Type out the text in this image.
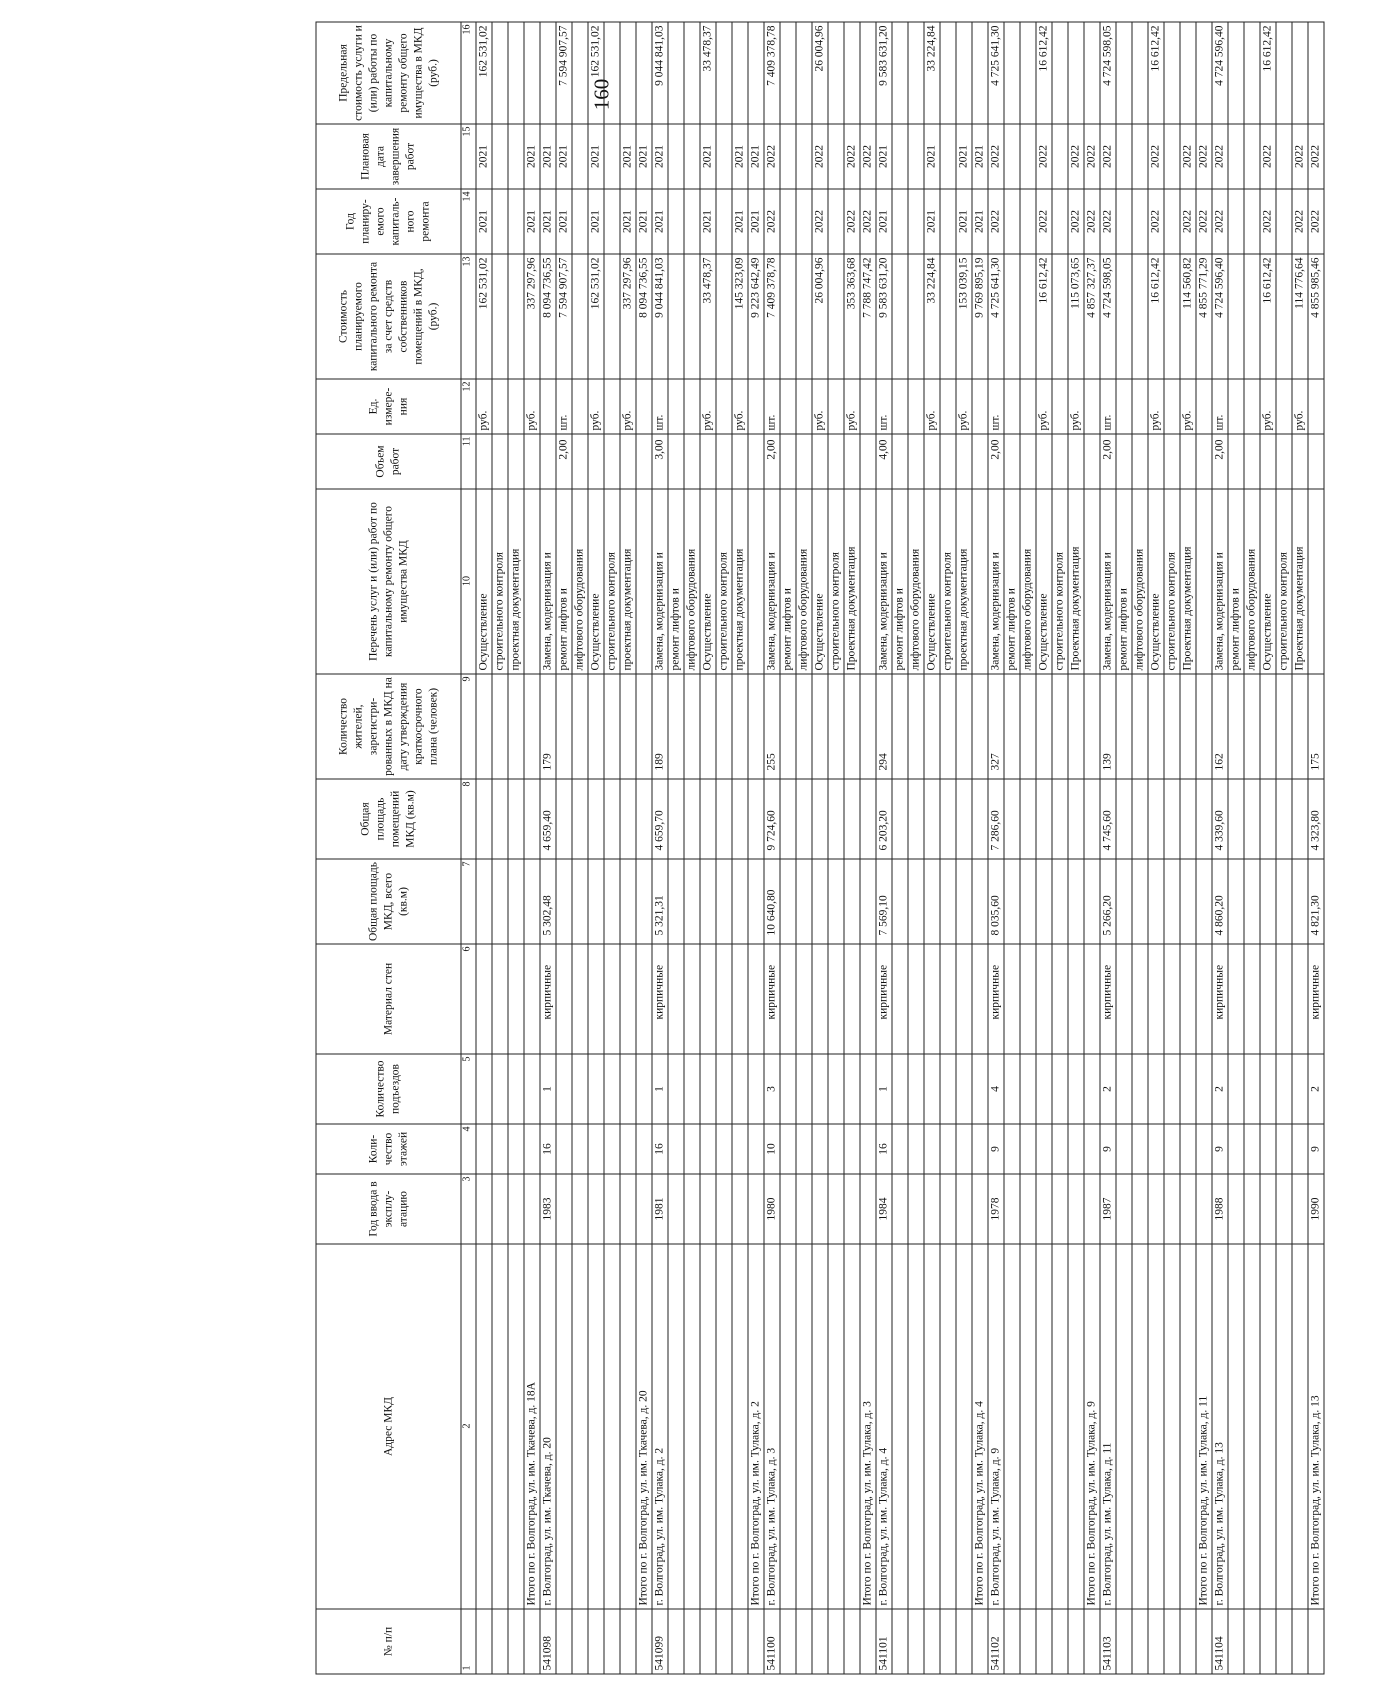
160
№ п/п	Адрес МКД	Год ввода в эксплуатацию	Количество этажей	Количество подъездов	Материал стен	Общая площадь МКД, всего (кв.м)	Общая площадь помещений МКД (кв.м)	Количество жителей, зарегистрированных в МКД на дату утверждения краткосрочного плана (человек)	Перечень услуг и (или) работ по капитальному ремонту общего имущества МКД	Объем работ	Ед. измерения	Стоимость планируемого капитального ремонта за счет средств собственников помещений в МКД, (руб.)	Год планируемого капитального ремонта	Плановая дата завершения работ	Предельная стоимость услуги и (или) работы по капитальному ремонту общего имущества в МКД (руб.)
1	2	3	4	5	6	7	8	9	10	11	12	13	14	15	16
									Осуществление		руб.	162 531,02	2021	2021	162 531,02
									строительного контроля						
									проектная документация						
	Итого по г. Волгоград, ул. им. Ткачева, д. 18А										руб.	337 297,96	2021	2021	
541098	г. Волгоград, ул. им. Ткачева, д. 20	1983	16	1	кирпичные	5 302,48	4 659,40	179	Замена, модернизация и			8 094 736,55	2021	2021	
									ремонт лифтов и	2,00	шт.	7 594 907,57	2021	2021	7 594 907,57
									лифтового оборудования						
									Осуществление		руб.	162 531,02	2021	2021	162 531,02
									строительного контроля						
									проектная документация		руб.	337 297,96	2021	2021	
	Итого по г. Волгоград, ул. им. Ткачева, д. 20											8 094 736,55	2021	2021	
541099	г. Волгоград, ул. им. Тулака, д. 2	1981	16	1	кирпичные	5 321,31	4 659,70	189	Замена, модернизация и	3,00	шт.	9 044 841,03	2021	2021	9 044 841,03
									ремонт лифтов и						
									лифтового оборудования						
									Осуществление		руб.	33 478,37	2021	2021	33 478,37
									строительного контроля						
									проектная документация		руб.	145 323,09	2021	2021	
	Итого по г. Волгоград, ул. им. Тулака, д. 2											9 223 642,49	2021	2021	
541100	г. Волгоград, ул. им. Тулака, д. 3	1980	10	3	кирпичные	10 640,80	9 724,60	255	Замена, модернизация и	2,00	шт.	7 409 378,78	2022	2022	7 409 378,78
									ремонт лифтов и						
									лифтового оборудования						
									Осуществление		руб.	26 004,96	2022	2022	26 004,96
									строительного контроля						
									Проектная документация		руб.	353 363,68	2022	2022	
	Итого по г. Волгоград, ул. им. Тулака, д. 3											7 788 747,42	2022	2022	
541101	г. Волгоград, ул. им. Тулака, д. 4	1984	16	1	кирпичные	7 569,10	6 203,20	294	Замена, модернизация и	4,00	шт.	9 583 631,20	2021	2021	9 583 631,20
									ремонт лифтов и						
									лифтового оборудования						
									Осуществление		руб.	33 224,84	2021	2021	33 224,84
									строительного контроля						
									проектная документация		руб.	153 039,15	2021	2021	
	Итого по г. Волгоград, ул. им. Тулака, д. 4											9 769 895,19	2021	2021	
541102	г. Волгоград, ул. им. Тулака, д. 9	1978	9	4	кирпичные	8 035,60	7 286,60	327	Замена, модернизация и	2,00	шт.	4 725 641,30	2022	2022	4 725 641,30
									ремонт лифтов и						
									лифтового оборудования						
									Осуществление		руб.	16 612,42	2022	2022	16 612,42
									строительного контроля						
									Проектная документация		руб.	115 073,65	2022	2022	
	Итого по г. Волгоград, ул. им. Тулака, д. 9											4 857 327,37	2022	2022	
541103	г. Волгоград, ул. им. Тулака, д. 11	1987	9	2	кирпичные	5 266,20	4 745,60	139	Замена, модернизация и	2,00	шт.	4 724 598,05	2022	2022	4 724 598,05
									ремонт лифтов и						
									лифтового оборудования						
									Осуществление		руб.	16 612,42	2022	2022	16 612,42
									строительного контроля						
									Проектная документация		руб.	114 560,82	2022	2022	
	Итого по г. Волгоград, ул. им. Тулака, д. 11											4 855 771,29	2022	2022	
541104	г. Волгоград, ул. им. Тулака, д. 13	1988	9	2	кирпичные	4 860,20	4 339,60	162	Замена, модернизация и	2,00	шт.	4 724 596,40	2022	2022	4 724 596,40
									ремонт лифтов и						
									лифтового оборудования						
									Осуществление		руб.	16 612,42	2022	2022	16 612,42
									строительного контроля						
									Проектная документация		руб.	114 776,64	2022	2022	
	Итого по г. Волгоград, ул. им. Тулака, д. 13	1990	9	2	кирпичные	4 821,30	4 323,80	175				4 855 985,46	2022	2022	
